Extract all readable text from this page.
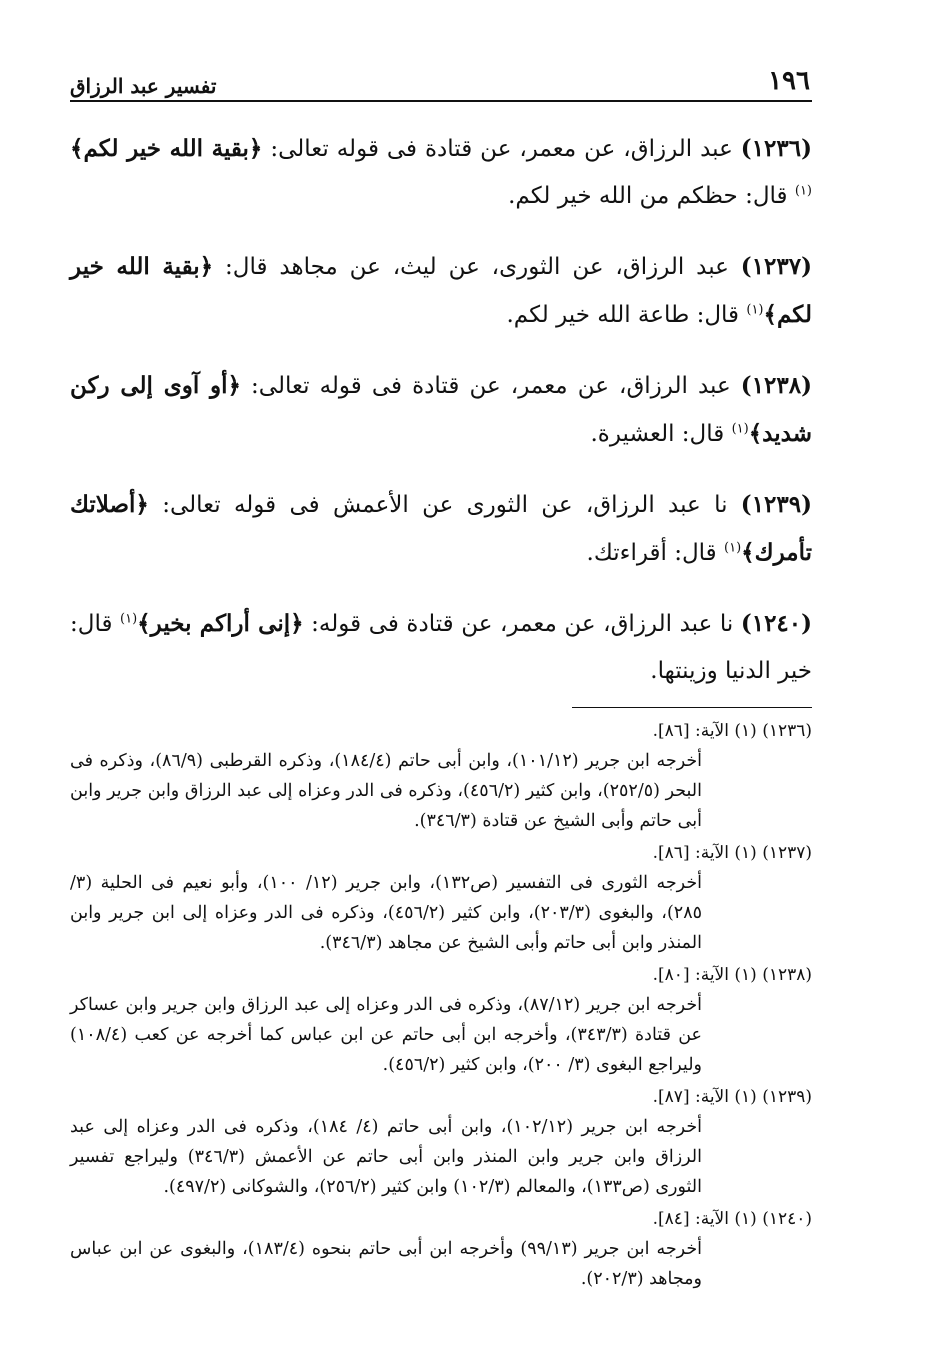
١٩٦
تفسير عبد الرزاق

(١٢٣٦) عبد الرزاق، عن معمر، عن قتادة فى قوله تعالى: ﴿بقية الله خير لكم﴾$^{(١)}$ قال: حظكم من الله خير لكم.

(١٢٣٧) عبد الرزاق، عن الثورى، عن ليث، عن مجاهد قال: ﴿بقية الله خير لكم﴾$^{(١)}$ قال: طاعة الله خير لكم.

(١٢٣٨) عبد الرزاق، عن معمر، عن قتادة فى قوله تعالى: ﴿أو آوى إلى ركن شديد﴾$^{(١)}$ قال: العشيرة.

(١٢٣٩) نا عبد الرزاق، عن الثورى عن الأعمش فى قوله تعالى: ﴿أصلاتك تأمرك﴾$^{(١)}$ قال: أقراءتك.

(١٢٤٠) نا عبد الرزاق، عن معمر، عن قتادة فى قوله: ﴿إنى أراكم بخير﴾$^{(١)}$ قال: خير الدنيا وزينتها.

(١٢٣٦) (١) الآية: [٨٦].
أخرجه ابن جرير (١٠١/١٢)، وابن أبى حاتم (١٨٤/٤)، وذكره القرطبى (٨٦/٩)، وذكره فى البحر (٢٥٢/٥)، وابن كثير (٤٥٦/٢)، وذكره فى الدر وعزاه إلى عبد الرزاق وابن جرير وابن أبى حاتم وأبى الشيخ عن قتادة (٣٤٦/٣).
(١٢٣٧) (١) الآية: [٨٦].
أخرجه الثورى فى التفسير (ص١٣٢)، وابن جرير (١٢/ ١٠٠)، وأبو نعيم فى الحلية (٣/ ٢٨٥)، والبغوى (٢٠٣/٣)، وابن كثير (٤٥٦/٢)، وذكره فى الدر وعزاه إلى ابن جرير وابن المنذر وابن أبى حاتم وأبى الشيخ عن مجاهد (٣٤٦/٣).
(١٢٣٨) (١) الآية: [٨٠].
أخرجه ابن جرير (٨٧/١٢)، وذكره فى الدر وعزاه إلى عبد الرزاق وابن جرير وابن عساكر عن قتادة (٣٤٣/٣)، وأخرجه ابن أبى حاتم عن ابن عباس كما أخرجه عن كعب (١٠٨/٤) وليراجع البغوى (٣/ ٢٠٠)، وابن كثير (٤٥٦/٢).
(١٢٣٩) (١) الآية: [٨٧].
أخرجه ابن جرير (١٠٢/١٢)، وابن أبى حاتم (٤/ ١٨٤)، وذكره فى الدر وعزاه إلى عبد الرزاق وابن جرير وابن المنذر وابن أبى حاتم عن الأعمش (٣٤٦/٣) وليراجع تفسير الثورى (ص١٣٣)، والمعالم (١٠٢/٣) وابن كثير (٢٥٦/٢)، والشوكانى (٤٩٧/٢).
(١٢٤٠) (١) الآية: [٨٤].
أخرجه ابن جرير (٩٩/١٣) وأخرجه ابن أبى حاتم بنحوه (١٨٣/٤)، والبغوى عن ابن عباس ومجاهد (٢٠٢/٣).
